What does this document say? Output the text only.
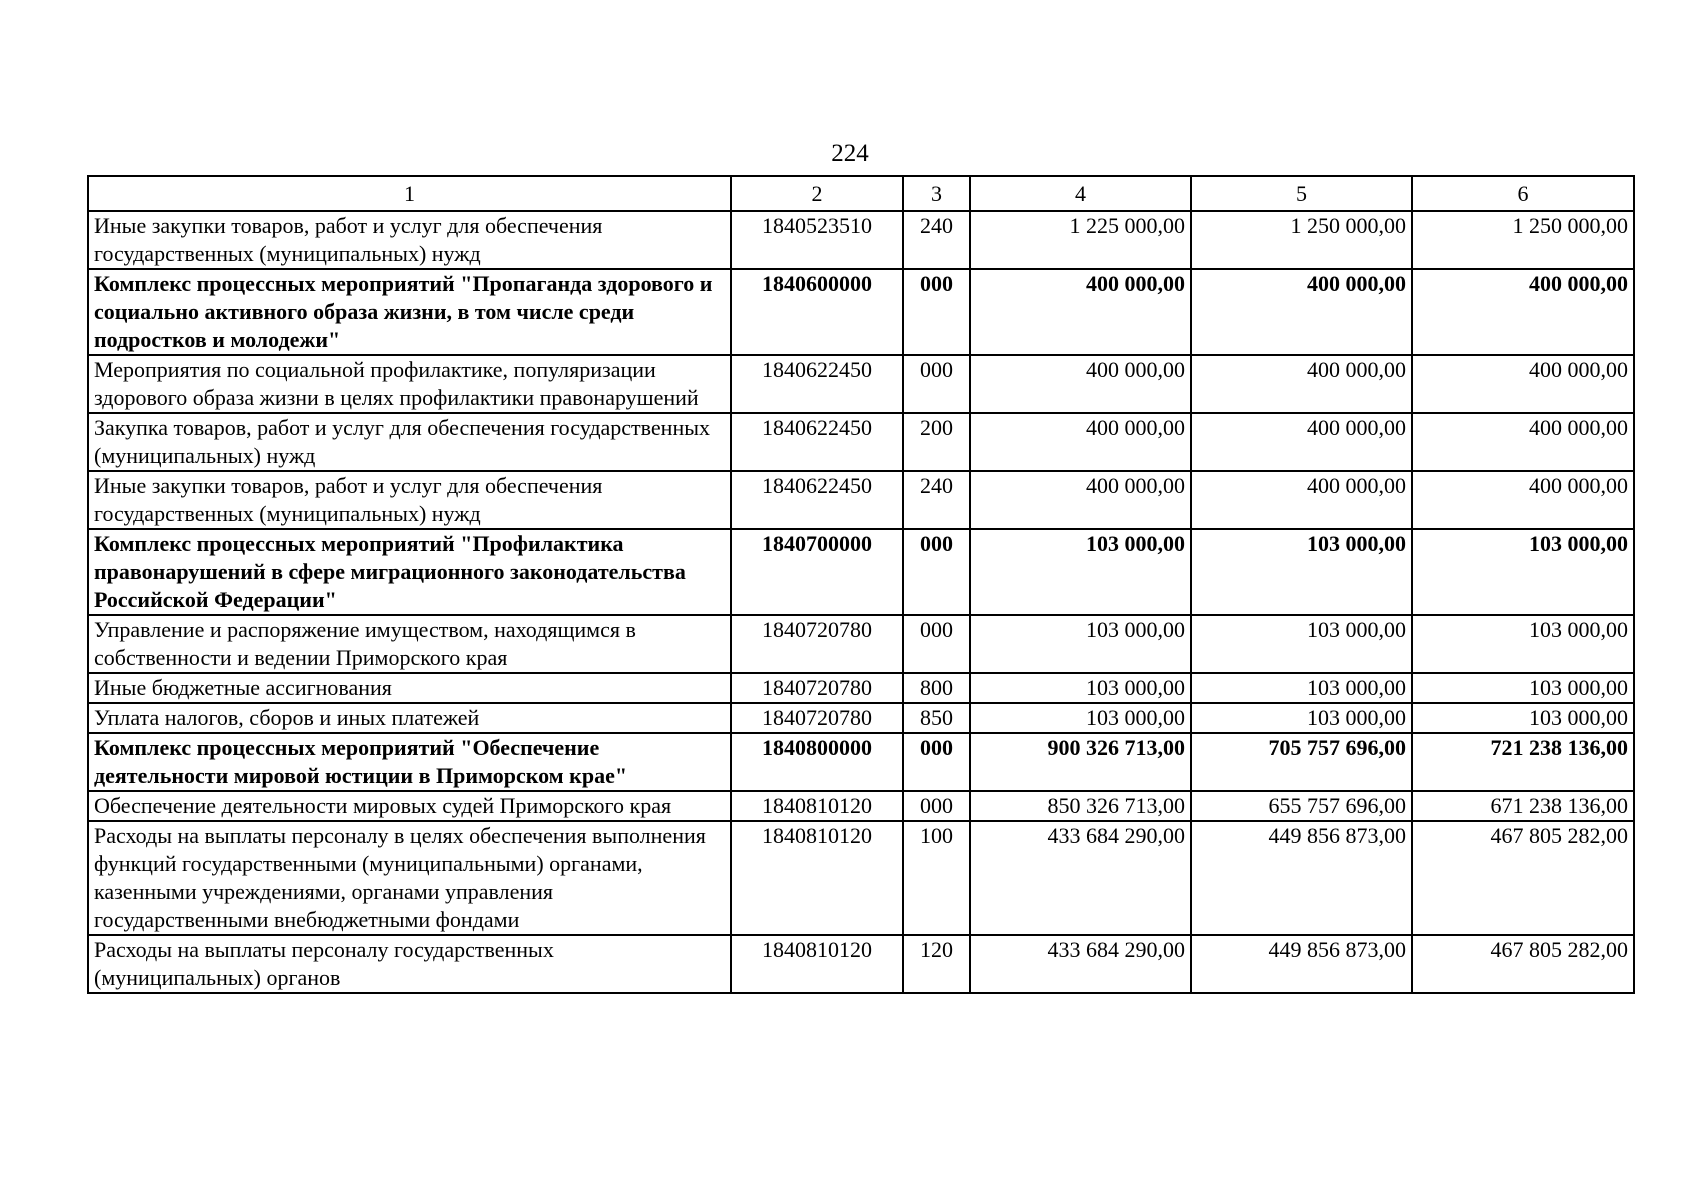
224
1	2	3	4	5	6
Иные закупки товаров, работ и услуг для обеспечения государственных (муниципальных) нужд	1840523510	240	1 225 000,00	1 250 000,00	1 250 000,00
Комплекс процессных мероприятий "Пропаганда здорового и социально активного образа жизни, в том числе среди подростков и молодежи"	1840600000	000	400 000,00	400 000,00	400 000,00
Мероприятия по социальной профилактике, популяризации здорового образа жизни в целях профилактики правонарушений	1840622450	000	400 000,00	400 000,00	400 000,00
Закупка товаров, работ и услуг для обеспечения государственных (муниципальных) нужд	1840622450	200	400 000,00	400 000,00	400 000,00
Иные закупки товаров, работ и услуг для обеспечения государственных (муниципальных) нужд	1840622450	240	400 000,00	400 000,00	400 000,00
Комплекс процессных мероприятий "Профилактика правонарушений в сфере миграционного законодательства Российской Федерации"	1840700000	000	103 000,00	103 000,00	103 000,00
Управление и распоряжение имуществом, находящимся в собственности и ведении Приморского края	1840720780	000	103 000,00	103 000,00	103 000,00
Иные бюджетные ассигнования	1840720780	800	103 000,00	103 000,00	103 000,00
Уплата налогов, сборов и иных платежей	1840720780	850	103 000,00	103 000,00	103 000,00
Комплекс процессных мероприятий "Обеспечение деятельности мировой юстиции в Приморском крае"	1840800000	000	900 326 713,00	705 757 696,00	721 238 136,00
Обеспечение деятельности мировых судей Приморского края	1840810120	000	850 326 713,00	655 757 696,00	671 238 136,00
Расходы на выплаты персоналу в целях обеспечения выполнения функций государственными (муниципальными) органами, казенными учреждениями, органами управления государственными внебюджетными фондами	1840810120	100	433 684 290,00	449 856 873,00	467 805 282,00
Расходы на выплаты персоналу государственных (муниципальных) органов	1840810120	120	433 684 290,00	449 856 873,00	467 805 282,00
